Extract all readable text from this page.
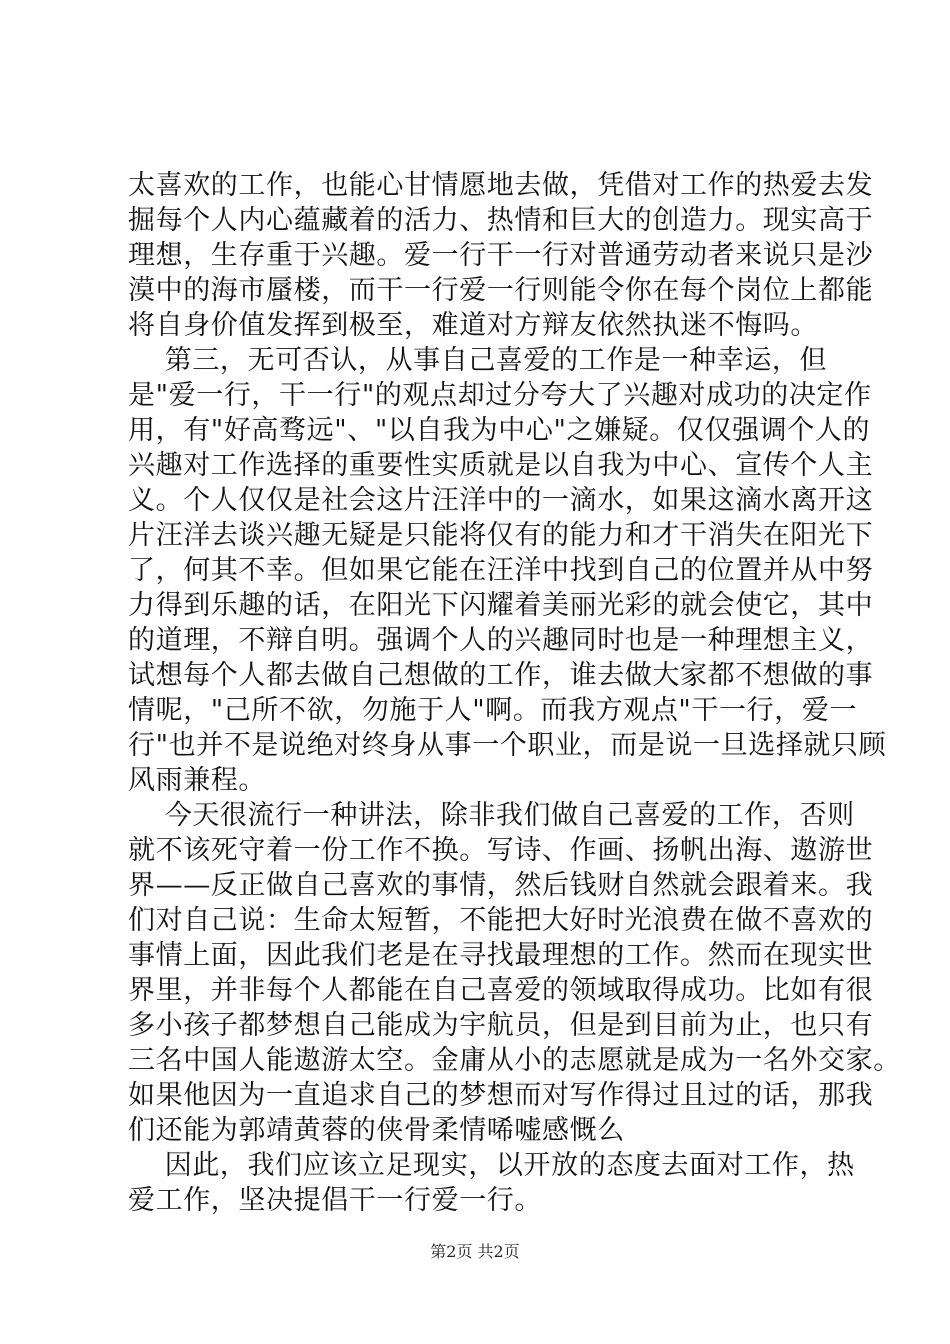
太喜欢的工作，也能心甘情愿地去做，凭借对工作的热爱去发

掘每个人内心蕴藏着的活力、热情和巨大的创造力。现实高于

理想，生存重于兴趣。爱一行干一行对普通劳动者来说只是沙

漠中的海市蜃楼，而干一行爱一行则能令你在每个岗位上都能

将自身价值发挥到极至，难道对方辩友依然执迷不悔吗。

第三，无可否认，从事自己喜爱的工作是一种幸运，但

是"爱一行，干一行"的观点却过分夸大了兴趣对成功的决定作

用，有"好高骛远"、"以自我为中心"之嫌疑。仅仅强调个人的

兴趣对工作选择的重要性实质就是以自我为中心、宣传个人主

义。个人仅仅是社会这片汪洋中的一滴水，如果这滴水离开这

片汪洋去谈兴趣无疑是只能将仅有的能力和才干消失在阳光下

了，何其不幸。但如果它能在汪洋中找到自己的位置并从中努

力得到乐趣的话，在阳光下闪耀着美丽光彩的就会使它，其中

的道理，不辩自明。强调个人的兴趣同时也是一种理想主义，

试想每个人都去做自己想做的工作，谁去做大家都不想做的事

情呢，"己所不欲，勿施于人"啊。而我方观点"干一行，爱一

行"也并不是说绝对终身从事一个职业，而是说一旦选择就只顾

风雨兼程。

今天很流行一种讲法，除非我们做自己喜爱的工作，否则

就不该死守着一份工作不换。写诗、作画、扬帆出海、遨游世

界——反正做自己喜欢的事情，然后钱财自然就会跟着来。我

们对自己说：生命太短暂，不能把大好时光浪费在做不喜欢的

事情上面，因此我们老是在寻找最理想的工作。然而在现实世

界里，并非每个人都能在自己喜爱的领域取得成功。比如有很

多小孩子都梦想自己能成为宇航员，但是到目前为止，也只有

三名中国人能遨游太空。金庸从小的志愿就是成为一名外交家。

如果他因为一直追求自己的梦想而对写作得过且过的话，那我

们还能为郭靖黄蓉的侠骨柔情唏嘘感慨么

因此，我们应该立足现实，以开放的态度去面对工作，热

爱工作，坚决提倡干一行爱一行。

第2页 共2页
